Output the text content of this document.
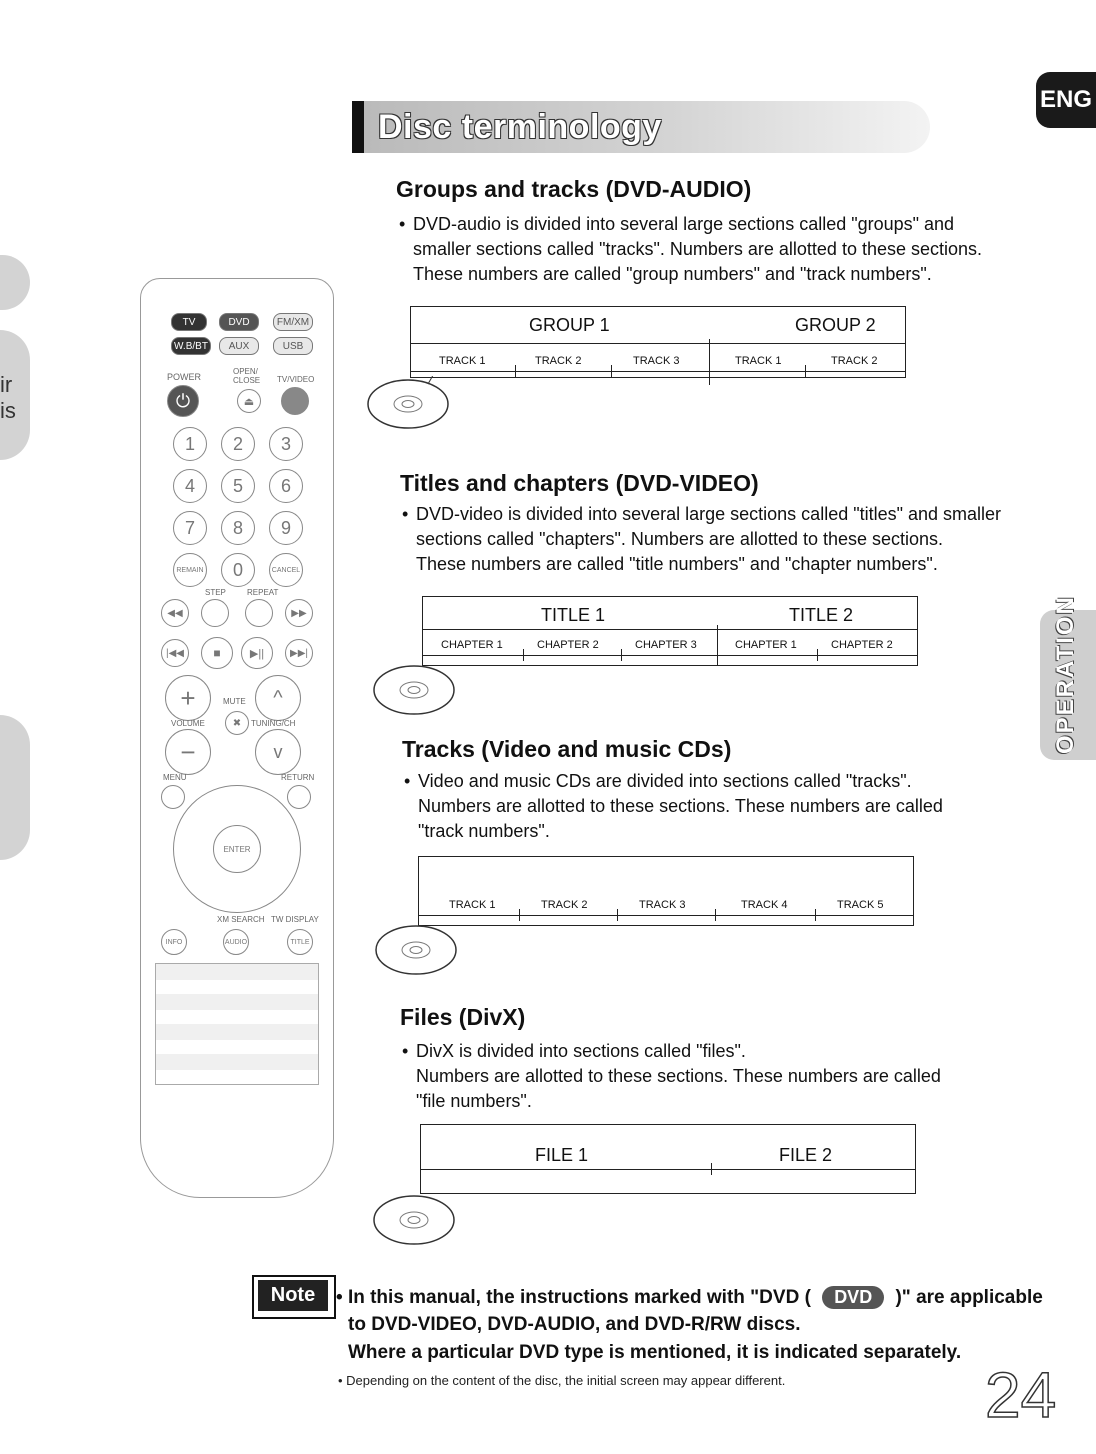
ir
is
Disc terminology
ENG
OPERATION
TV	DVD	FM/XM
W.B/BT	AUX	USB
POWER
OPEN/ CLOSE	TV/VIDEO
⏻	⏏
1	2	3
4	5	6
7	8	9
REMAIN	0	CANCEL
STEP	REPEAT
◀◀	▶▶
|◀◀	■	▶||	▶▶|
+	^
MUTE
✖
VOLUME	TUNING/CH
−	v
MENU	RETURN
ENTER
XM SEARCH TW DISPLAY
INFO	AUDIO	TITLE
Groups and tracks (DVD-AUDIO)
• DVD-audio is divided into several large sections called "groups" and
smaller sections called "tracks". Numbers are allotted to these sections.
These numbers are called "group numbers" and "track numbers".
GROUP 1	GROUP 2
TRACK 1	TRACK 2	TRACK 3	TRACK 1	TRACK 2
Titles and chapters (DVD-VIDEO)
• DVD-video is divided into several large sections called "titles" and smaller
sections called "chapters". Numbers are allotted to these sections.
These numbers are called "title numbers" and "chapter numbers".
TITLE 1	TITLE 2
CHAPTER 1	CHAPTER 2	CHAPTER 3	CHAPTER 1	CHAPTER 2
Tracks (Video and music CDs)
• Video and music CDs are divided into sections called "tracks".
Numbers are allotted to these sections. These numbers are called
"track numbers".
TRACK 1	TRACK 2	TRACK 3	TRACK 4	TRACK 5
Files (DivX)
• DivX is divided into sections called "files".
Numbers are allotted to these sections. These numbers are called
"file numbers".
FILE 1	FILE 2
Note	• In this manual, the instructions marked with "DVD ( DVD )" are applicable
to DVD-VIDEO, DVD-AUDIO, and DVD-R/RW discs.
Where a particular DVD type is mentioned, it is indicated separately.
• Depending on the content of the disc, the initial screen may appear different.	24
